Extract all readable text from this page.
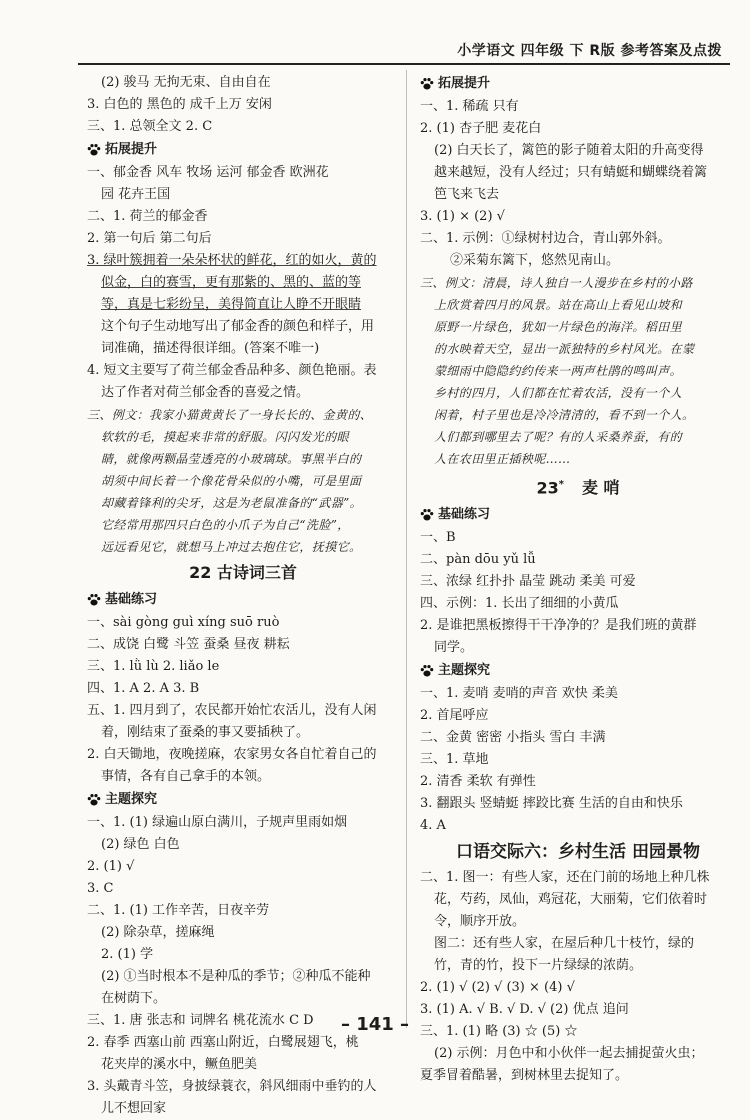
小学语文 四年级 下 R版 参考答案及点拨
(2) 骏马 无拘无束、自由自在
3. 白色的 黑色的 成千上万 安闲
三、1. 总领全文 2. C
拓展提升
一、郁金香 风车 牧场 运河 郁金香 欧洲花
园 花卉王国
二、1. 荷兰的郁金香
2. 第一句后 第二句后
3. 绿叶簇拥着一朵朵杯状的鲜花，红的如火，黄的
似金，白的赛雪，更有那紫的、黑的、蓝的等
等，真是七彩纷呈，美得简直让人睁不开眼睛
这个句子生动地写出了郁金香的颜色和样子，用
词准确，描述得很详细。(答案不唯一)
4. 短文主要写了荷兰郁金香品种多、颜色艳丽。表
达了作者对荷兰郁金香的喜爱之情。
三、例文：我家小猫黄黄长了一身长长的、金黄的、
软软的毛，摸起来非常的舒服。闪闪发光的眼
睛，就像两颗晶莹透亮的小玻璃球。事黑半白的
胡须中间长着一个像花骨朵似的小嘴，可是里面
却藏着锋利的尖牙，这是为老鼠准备的“武器”。
它经常用那四只白色的小爪子为自己“洗脸”，
远远看见它，就想马上冲过去抱住它，抚摸它。
22 古诗词三首
基础练习
一、sài gòng guì xíng suō ruò
二、成饶 白鹭 斗笠 蚕桑 昼夜 耕耘
三、1. lǜ lù 2. liǎo le
四、1. A 2. A 3. B
五、1. 四月到了，农民都开始忙农活儿，没有人闲
着，刚结束了蚕桑的事又要插秧了。
2. 白天锄地，夜晚搓麻，农家男女各自忙着自己的
事情，各有自己拿手的本领。
主题探究
一、1. (1) 绿遍山原白满川，子规声里雨如烟
(2) 绿色 白色
2. (1) √
3. C
二、1. (1) 工作辛苦，日夜辛劳
(2) 除杂草，搓麻绳
2. (1) 学
(2) ①当时根本不是种瓜的季节；②种瓜不能种
在树荫下。
三、1. 唐 张志和 词牌名 桃花流水 C D
2. 春季 西塞山前 西塞山附近，白鹭展翅飞，桃
花夹岸的溪水中，鳜鱼肥美
3. 头戴青斗笠，身披绿蓑衣，斜风细雨中垂钓的人
儿不想回家
拓展提升
一、1. 稀疏 只有
2. (1) 杏子肥 麦花白
(2) 白天长了，篱笆的影子随着太阳的升高变得
越来越短，没有人经过；只有蜻蜓和蝴蝶绕着篱
笆飞来飞去
3. (1) × (2) √
二、1. 示例：①绿树村边合，青山郭外斜。
②采菊东篱下，悠然见南山。
三、例文：清晨，诗人独自一人漫步在乡村的小路
上欣赏着四月的风景。站在高山上看见山坡和
原野一片绿色，犹如一片绿色的海洋。稻田里
的水映着天空，显出一派独特的乡村风光。在蒙
蒙细雨中隐隐约约传来一两声杜鹃的鸣叫声。
乡村的四月，人们都在忙着农活，没有一个人
闲着，村子里也是冷冷清清的，看不到一个人。
人们都到哪里去了呢？有的人采桑养蚕，有的
人在农田里正插秧呢……
23* 麦 哨
基础练习
一、B
二、pàn dōu yǔ lǚ
三、浓绿 红扑扑 晶莹 跳动 柔美 可爱
四、示例：1. 长出了细细的小黄瓜
2. 是谁把黑板擦得干干净净的？是我们班的黄群
同学。
主题探究
一、1. 麦哨 麦哨的声音 欢快 柔美
2. 首尾呼应
二、金黄 密密 小指头 雪白 丰满
三、1. 草地
2. 清香 柔软 有弹性
3. 翻跟头 竖蜻蜓 摔跤比赛 生活的自由和快乐
4. A
口语交际六：乡村生活 田园景物
二、1. 图一：有些人家，还在门前的场地上种几株
花，芍药，凤仙，鸡冠花，大丽菊，它们依着时
令，顺序开放。
图二：还有些人家，在屋后种几十枝竹，绿的
竹，青的竹，投下一片绿绿的浓荫。
2. (1) √ (2) √ (3) × (4) √
3. (1) A. √ B. √ D. √ (2) 优点 追问
三、1. (1) 略 (3) ☆ (5) ☆
(2) 示例：月色中和小伙伴一起去捕捉萤火虫；
夏季冒着酷暑，到树林里去捉知了。
– 141 –
